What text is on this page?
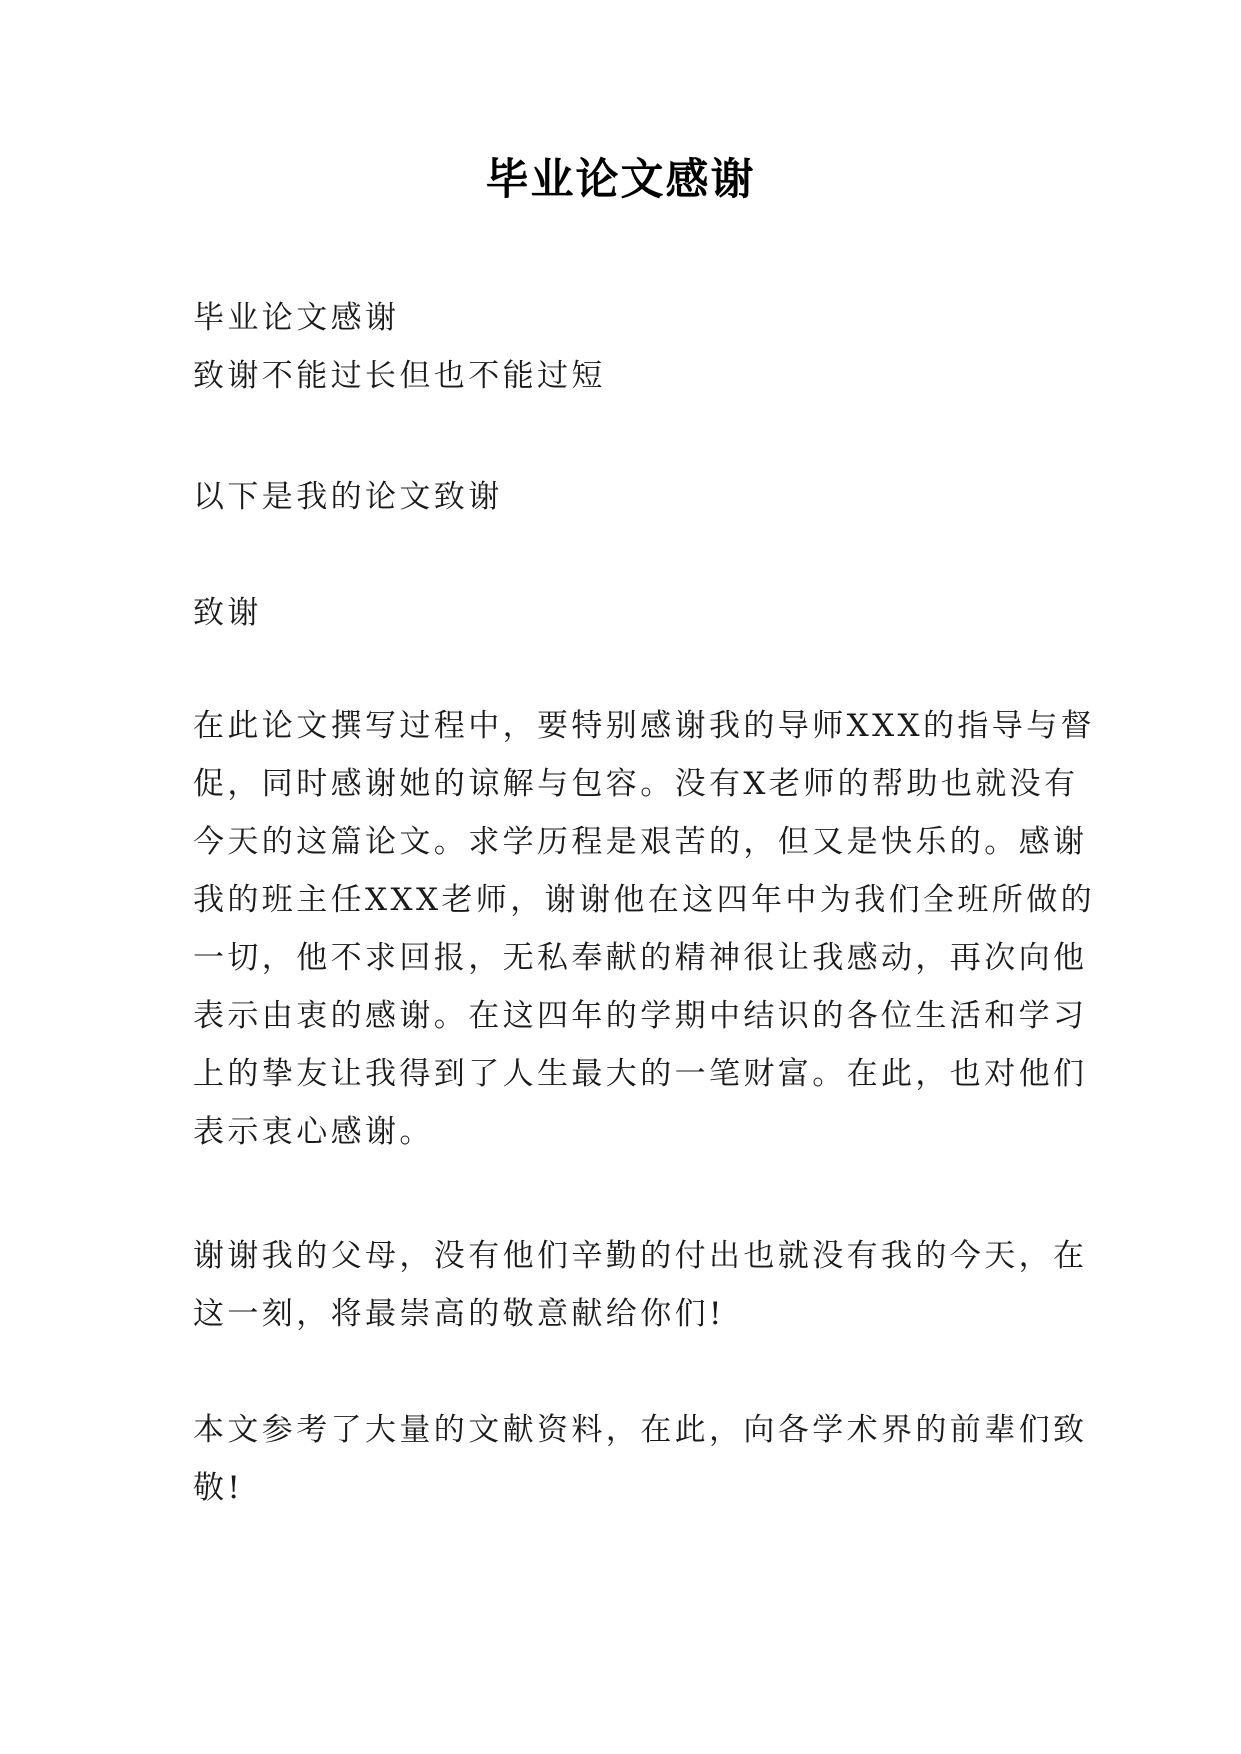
毕业论文感谢
毕业论文感谢
致谢不能过长但也不能过短
以下是我的论文致谢
致谢
在此论文撰写过程中，要特别感谢我的导师XXX的指导与督
促，同时感谢她的谅解与包容。没有X老师的帮助也就没有
今天的这篇论文。求学历程是艰苦的，但又是快乐的。感谢
我的班主任XXX老师，谢谢他在这四年中为我们全班所做的
一切，他不求回报，无私奉献的精神很让我感动，再次向他
表示由衷的感谢。在这四年的学期中结识的各位生活和学习
上的挚友让我得到了人生最大的一笔财富。在此，也对他们
表示衷心感谢。
谢谢我的父母，没有他们辛勤的付出也就没有我的今天，在
这一刻，将最崇高的敬意献给你们!
本文参考了大量的文献资料，在此，向各学术界的前辈们致
敬!
